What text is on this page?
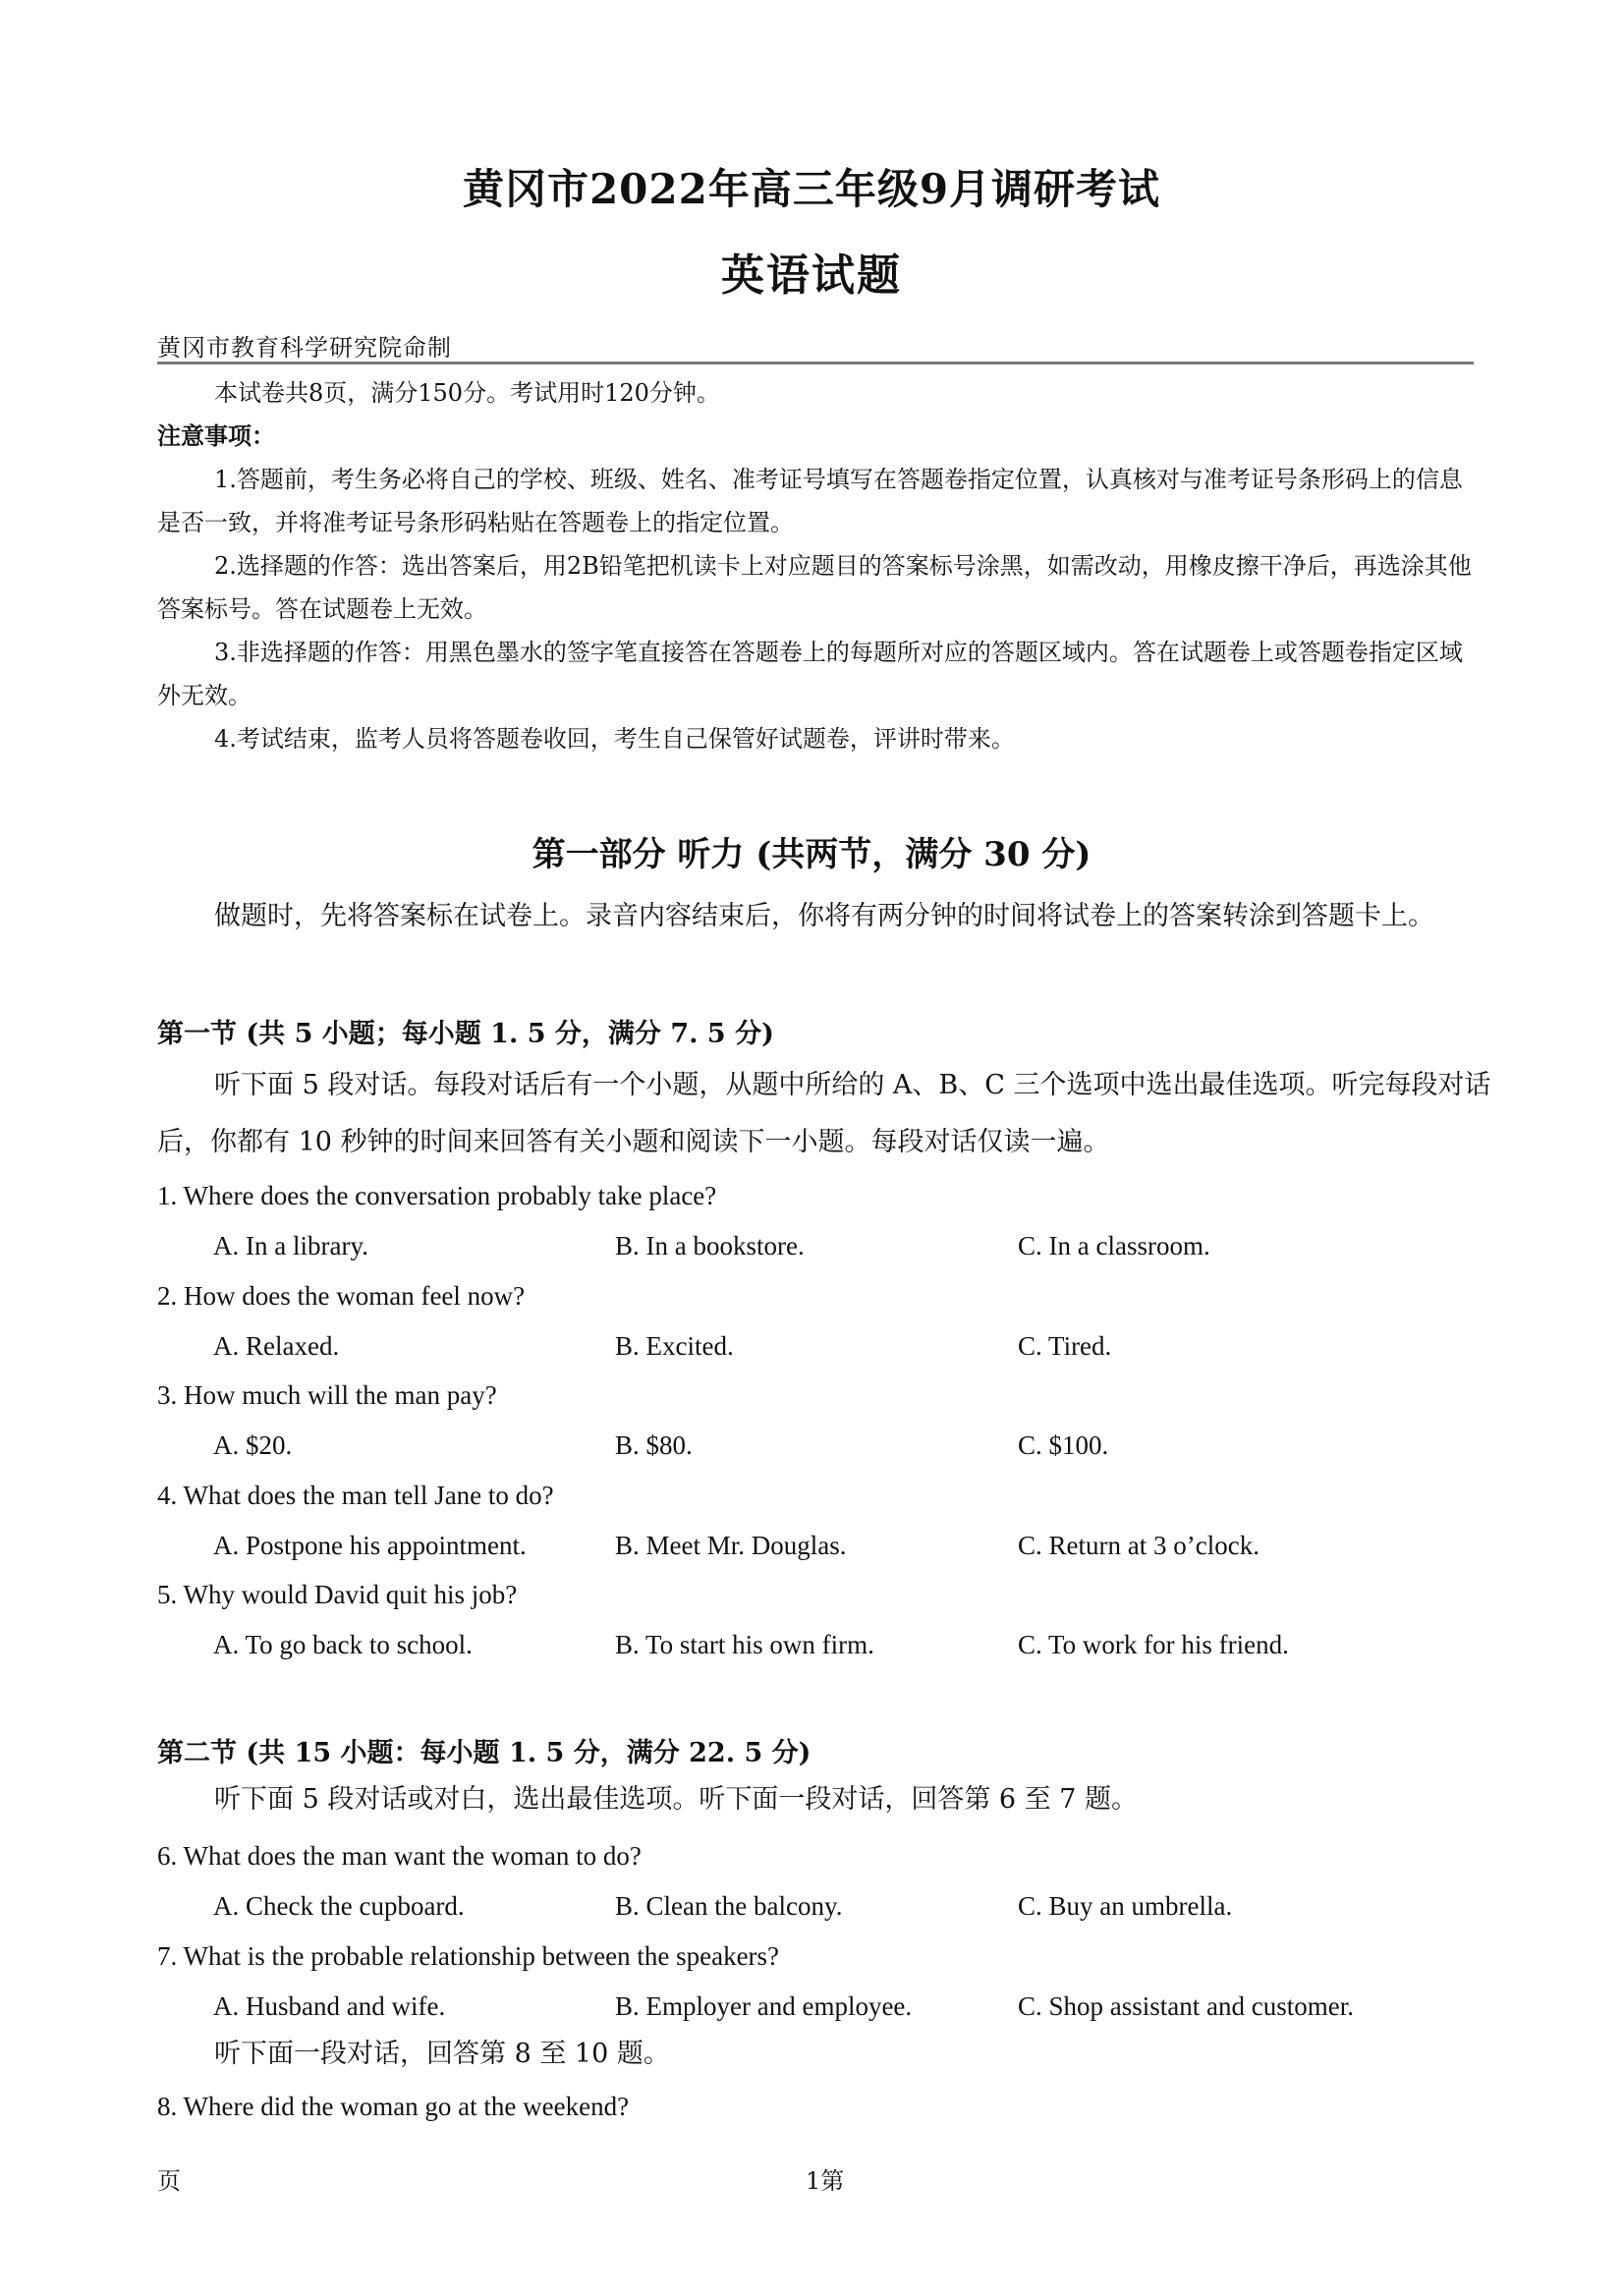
黄冈市2022年高三年级9月调研考试
英语试题
黄冈市教育科学研究院命制
本试卷共8页，满分150分。考试用时120分钟。
注意事项：
1.答题前，考生务必将自己的学校、班级、姓名、准考证号填写在答题卷指定位置，认真核对与准考证号条形码上的信息是否一致，并将准考证号条形码粘贴在答题卷上的指定位置。
2.选择题的作答：选出答案后，用2B铅笔把机读卡上对应题目的答案标号涂黑，如需改动，用橡皮擦干净后，再选涂其他答案标号。答在试题卷上无效。
3.非选择题的作答：用黑色墨水的签字笔直接答在答题卷上的每题所对应的答题区域内。答在试题卷上或答题卷指定区域外无效。
4.考试结束，监考人员将答题卷收回，考生自己保管好试题卷，评讲时带来。
第一部分 听力 (共两节，满分 30 分)
做题时，先将答案标在试卷上。录音内容结束后，你将有两分钟的时间将试卷上的答案转涂到答题卡上。
第一节 (共 5 小题；每小题 1. 5 分，满分 7. 5 分)
听下面 5 段对话。每段对话后有一个小题，从题中所给的 A、B、C 三个选项中选出最佳选项。听完每段对话后，你都有 10 秒钟的时间来回答有关小题和阅读下一小题。每段对话仅读一遍。
1. Where does the conversation probably take place?
A. In a library.	B. In a bookstore.	C. In a classroom.
2. How does the woman feel now?
A. Relaxed.	B. Excited.	C. Tired.
3. How much will the man pay?
A. $20.	B. $80.	C. $100.
4. What does the man tell Jane to do?
A. Postpone his appointment.	B. Meet Mr. Douglas.	C. Return at 3 o’clock.
5. Why would David quit his job?
A. To go back to school.	B. To start his own firm.	C. To work for his friend.
第二节 (共 15 小题：每小题 1. 5 分，满分 22. 5 分)
听下面 5 段对话或对白，选出最佳选项。听下面一段对话，回答第 6 至 7 题。
6. What does the man want the woman to do?
A. Check the cupboard.	B. Clean the balcony.	C. Buy an umbrella.
7. What is the probable relationship between the speakers?
A. Husband and wife.	B. Employer and employee.	C. Shop assistant and customer.
听下面一段对话，回答第 8 至 10 题。
8. Where did the woman go at the weekend?
页	1第
